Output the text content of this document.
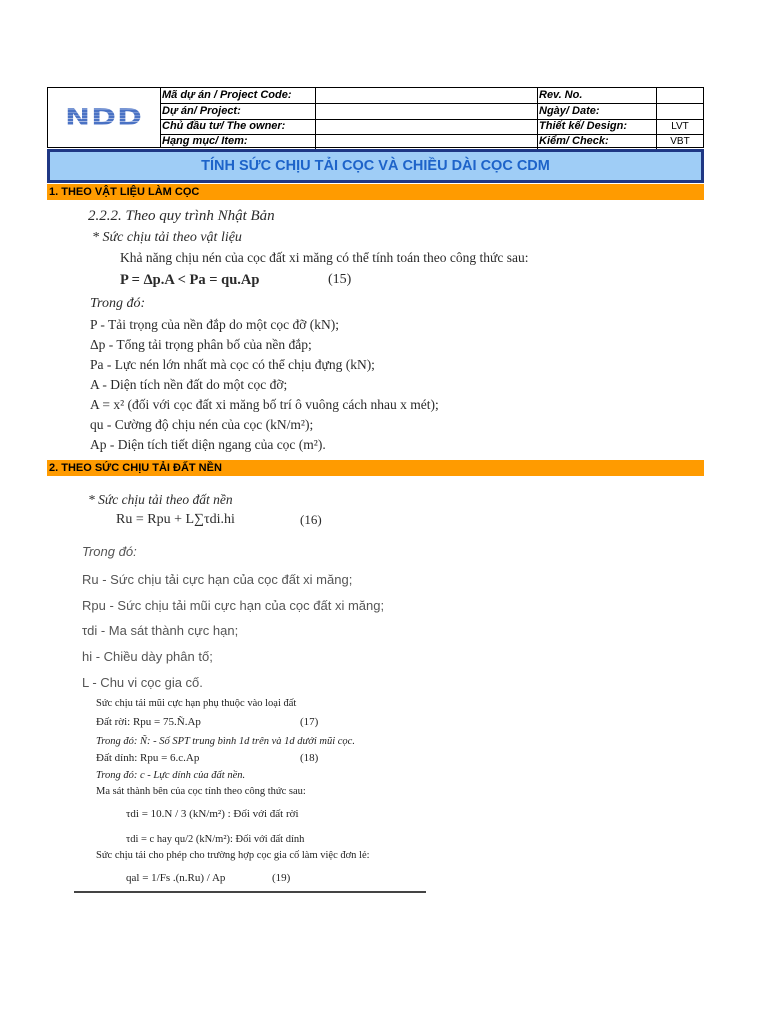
NDD
Mã dự án / Project Code:	Rev. No.
Dự án/ Project:	Ngày/ Date:
Chủ đầu tư/ The owner:	Thiết kế/ Design:	LVT
Hạng mục/ Item:	Kiểm/ Check:	VBT
TÍNH SỨC CHỊU TẢI CỌC VÀ CHIỀU DÀI CỌC CDM
1. THEO VẬT LIỆU LÀM CỌC
2.2.2. Theo quy trình Nhật Bản
* Sức chịu tải theo vật liệu
Khả năng chịu nén của cọc đất xi măng có thể tính toán theo công thức sau:
P = Δp.A < Pa = qu.Ap	(15)
Trong đó:
P - Tải trọng của nền đắp do một cọc đỡ (kN);
Δp - Tổng tải trọng phân bố của nền đắp;
Pa - Lực nén lớn nhất mà cọc có thể chịu đựng (kN);
A - Diện tích nền đất do một cọc đỡ;
A = x² (đối với cọc đất xi măng bố trí ô vuông cách nhau x mét);
qu - Cường độ chịu nén của cọc (kN/m²);
Ap - Diện tích tiết diện ngang của cọc (m²).
2. THEO SỨC CHỊU TẢI ĐẤT NỀN
* Sức chịu tải theo đất nền
Ru = Rpu + L∑τdi.hi	(16)
Trong đó:
Ru - Sức chịu tải cực hạn của cọc đất xi măng;
Rpu - Sức chịu tải mũi cực hạn của cọc đất xi măng;
τdi - Ma sát thành cực hạn;
hi - Chiều dày phân tố;
L - Chu vi cọc gia cố.
Sức chịu tải mũi cực hạn phụ thuộc vào loại đất
Đất rời: Rpu = 75.Ñ.Ap	(17)
Trong đó: Ñ: - Số SPT trung bình 1d trên và 1d dưới mũi cọc.
Đất dính: Rpu = 6.c.Ap	(18)
Trong đó: c - Lực dính của đất nền.
Ma sát thành bên của cọc tính theo công thức sau:
τdi = 10.N / 3 (kN/m²) : Đối với đất rời
τdi = c hay qu/2 (kN/m²): Đối với đất dính
Sức chịu tải cho phép cho trường hợp cọc gia cố làm việc đơn lẻ:
qal = 1/Fs .(n.Ru) / Ap	(19)
